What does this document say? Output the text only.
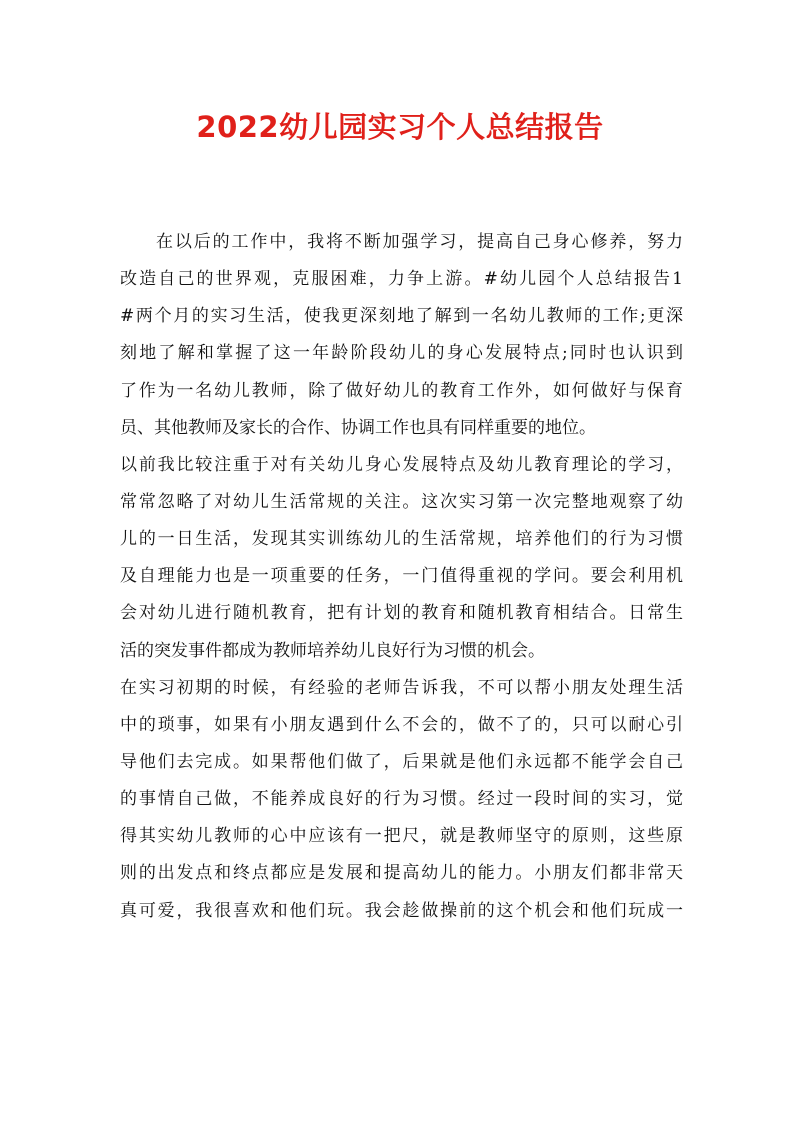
2022幼儿园实习个人总结报告
在以后的工作中，我将不断加强学习，提高自己身心修养，努力
改造自己的世界观，克服困难，力争上游。#幼儿园个人总结报告1
#两个月的实习生活，使我更深刻地了解到一名幼儿教师的工作;更深
刻地了解和掌握了这一年龄阶段幼儿的身心发展特点;同时也认识到
了作为一名幼儿教师，除了做好幼儿的教育工作外，如何做好与保育
员、其他教师及家长的合作、协调工作也具有同样重要的地位。
以前我比较注重于对有关幼儿身心发展特点及幼儿教育理论的学习，
常常忽略了对幼儿生活常规的关注。这次实习第一次完整地观察了幼
儿的一日生活，发现其实训练幼儿的生活常规，培养他们的行为习惯
及自理能力也是一项重要的任务，一门值得重视的学问。要会利用机
会对幼儿进行随机教育，把有计划的教育和随机教育相结合。日常生
活的突发事件都成为教师培养幼儿良好行为习惯的机会。
在实习初期的时候，有经验的老师告诉我，不可以帮小朋友处理生活
中的琐事，如果有小朋友遇到什么不会的，做不了的，只可以耐心引
导他们去完成。如果帮他们做了，后果就是他们永远都不能学会自己
的事情自己做，不能养成良好的行为习惯。经过一段时间的实习，觉
得其实幼儿教师的心中应该有一把尺，就是教师坚守的原则，这些原
则的出发点和终点都应是发展和提高幼儿的能力。小朋友们都非常天
真可爱，我很喜欢和他们玩。我会趁做操前的这个机会和他们玩成一
